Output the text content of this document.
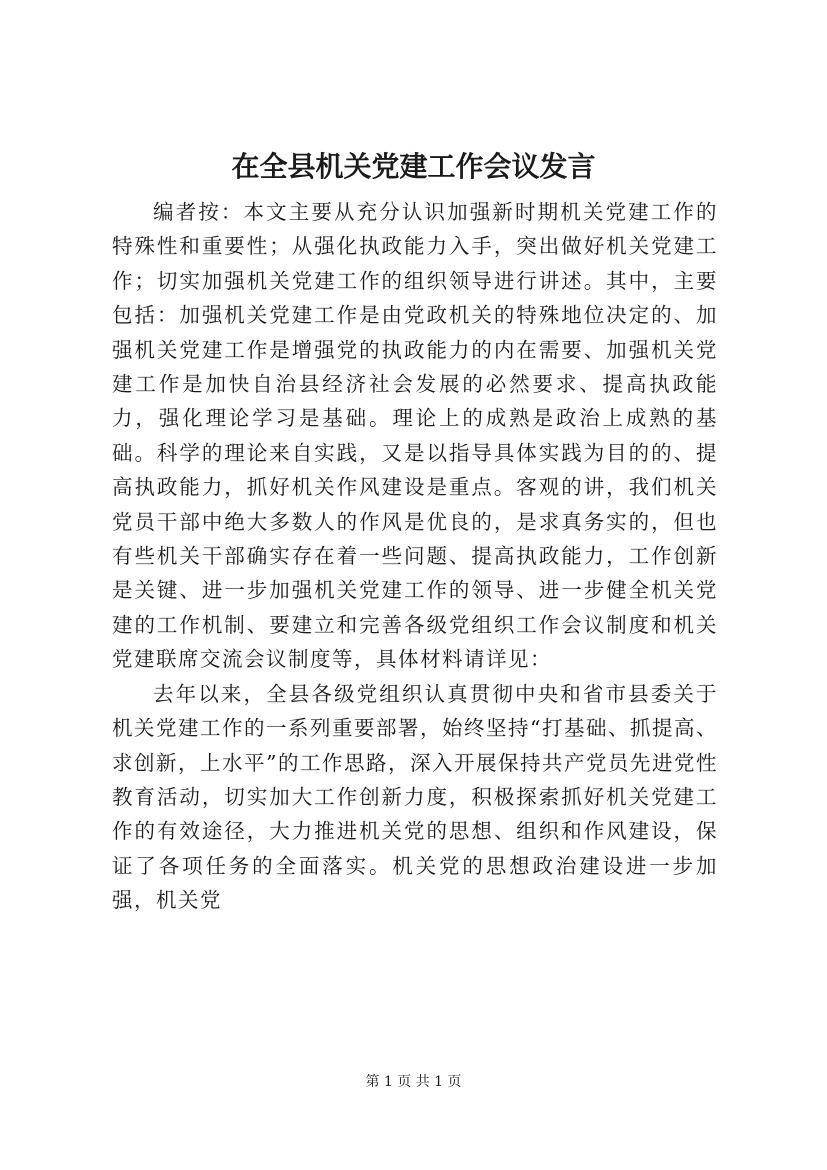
在全县机关党建工作会议发言

编者按：本文主要从充分认识加强新时期机关党建工作的特殊性和重要性；从强化执政能力入手，突出做好机关党建工作；切实加强机关党建工作的组织领导进行讲述。其中，主要包括：加强机关党建工作是由党政机关的特殊地位决定的、加强机关党建工作是增强党的执政能力的内在需要、加强机关党建工作是加快自治县经济社会发展的必然要求、提高执政能力，强化理论学习是基础。理论上的成熟是政治上成熟的基础。科学的理论来自实践，又是以指导具体实践为目的的、提高执政能力，抓好机关作风建设是重点。客观的讲，我们机关党员干部中绝大多数人的作风是优良的，是求真务实的，但也有些机关干部确实存在着一些问题、提高执政能力，工作创新是关键、进一步加强机关党建工作的领导、进一步健全机关党建的工作机制、要建立和完善各级党组织工作会议制度和机关党建联席交流会议制度等，具体材料请详见：

去年以来，全县各级党组织认真贯彻中央和省市县委关于机关党建工作的一系列重要部署，始终坚持“打基础、抓提高、求创新，上水平”的工作思路，深入开展保持共产党员先进党性教育活动，切实加大工作创新力度，积极探索抓好机关党建工作的有效途径，大力推进机关党的思想、组织和作风建设，保证了各项任务的全面落实。机关党的思想政治建设进一步加强，机关党

第 1 页 共 1 页
